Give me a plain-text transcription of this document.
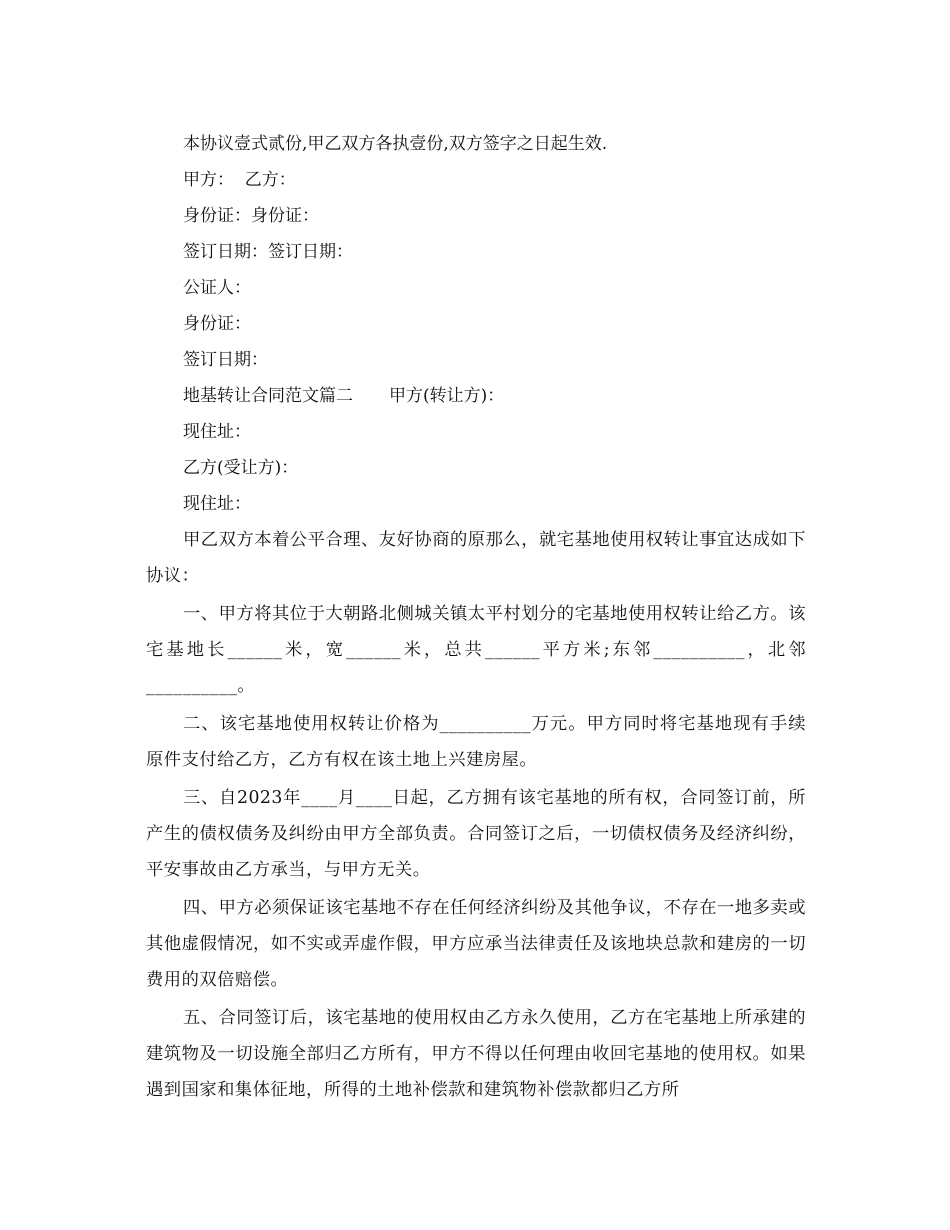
本协议壹式贰份,甲乙双方各执壹份,双方签字之日起生效.
甲方：  乙方：
身份证：身份证：
签订日期：签订日期：
公证人：
身份证：
签订日期：
地基转让合同范文篇二 甲方(转让方)：
现住址：
乙方(受让方)：
现住址：

甲乙双方本着公平合理、友好协商的原那么，就宅基地使用权转让事宜达成如下协议：

一、甲方将其位于大朝路北侧城关镇太平村划分的宅基地使用权转让给乙方。该宅基地长______米，宽______米，总共______平方米;东邻__________，北邻__________。

二、该宅基地使用权转让价格为__________万元。甲方同时将宅基地现有手续原件支付给乙方，乙方有权在该土地上兴建房屋。

三、自2023年____月____日起，乙方拥有该宅基地的所有权，合同签订前，所产生的债权债务及纠纷由甲方全部负责。合同签订之后，一切债权债务及经济纠纷，平安事故由乙方承当，与甲方无关。

四、甲方必须保证该宅基地不存在任何经济纠纷及其他争议，不存在一地多卖或其他虚假情况，如不实或弄虚作假，甲方应承当法律责任及该地块总款和建房的一切费用的双倍赔偿。

五、合同签订后，该宅基地的使用权由乙方永久使用，乙方在宅基地上所承建的建筑物及一切设施全部归乙方所有，甲方不得以任何理由收回宅基地的使用权。如果遇到国家和集体征地，所得的土地补偿款和建筑物补偿款都归乙方所
